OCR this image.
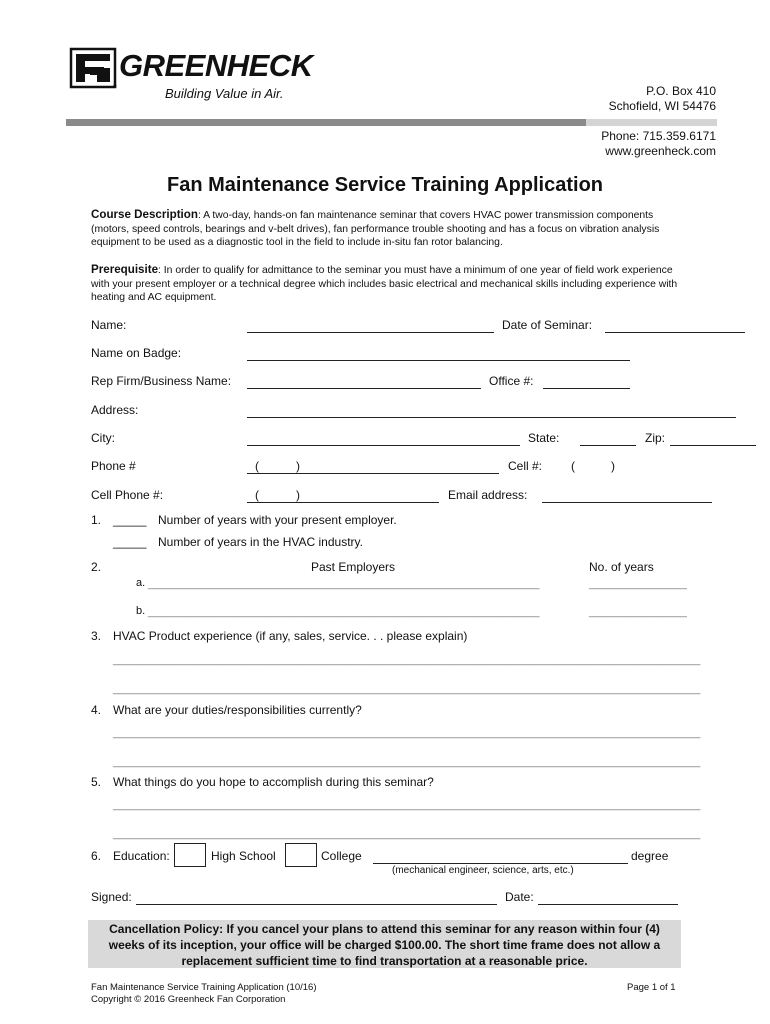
GREENHECK
®	Building Value in Air.	P.O. Box 410
Schofield, WI 54476
Phone: 715.359.6171
www.greenheck.com
Fan Maintenance Service Training Application
Course Description: A two-day, hands-on fan maintenance seminar that covers HVAC power transmission components (motors, speed controls, bearings and v-belt drives), fan performance trouble shooting and has a focus on vibration analysis equipment to be used as a diagnostic tool in the field to include in-situ fan rotor balancing.
Prerequisite: In order to qualify for admittance to the seminar you must have a minimum of one year of field work experience with your present employer or a technical degree which includes basic electrical and mechanical skills including experience with heating and AC equipment.
Name:	Date of Seminar:
Name on Badge:
Rep Firm/Business Name:	Office #:
Address:
City:	State:	Zip:
Phone #	(	)	Cell #: (	)
Cell Phone #:	(	)	Email address:
1. _____ Number of years with your present employer.
_____ Number of years in the HVAC industry.
2.	Past Employers	No. of years
a. ________________________________________________________________	________________
b. ________________________________________________________________	________________
3. HVAC Product experience (if any, sales, service. . . please explain)
________________________________________________________________________________________________
________________________________________________________________________________________________
4. What are your duties/responsibilities currently?
________________________________________________________________________________________________
________________________________________________________________________________________________
5. What things do you hope to accomplish during this seminar?
________________________________________________________________________________________________
________________________________________________________________________________________________
6. Education:	High School	College	degree
(mechanical engineer, science, arts, etc.)
Signed:	Date:
Cancellation Policy: If you cancel your plans to attend this seminar for any reason within four (4)
weeks of its inception, your office will be charged $100.00. The short time frame does not allow a
replacement sufficient time to find transportation at a reasonable price.
Fan Maintenance Service Training Application (10/16)
Copyright © 2016 Greenheck Fan Corporation
Page 1 of 1
